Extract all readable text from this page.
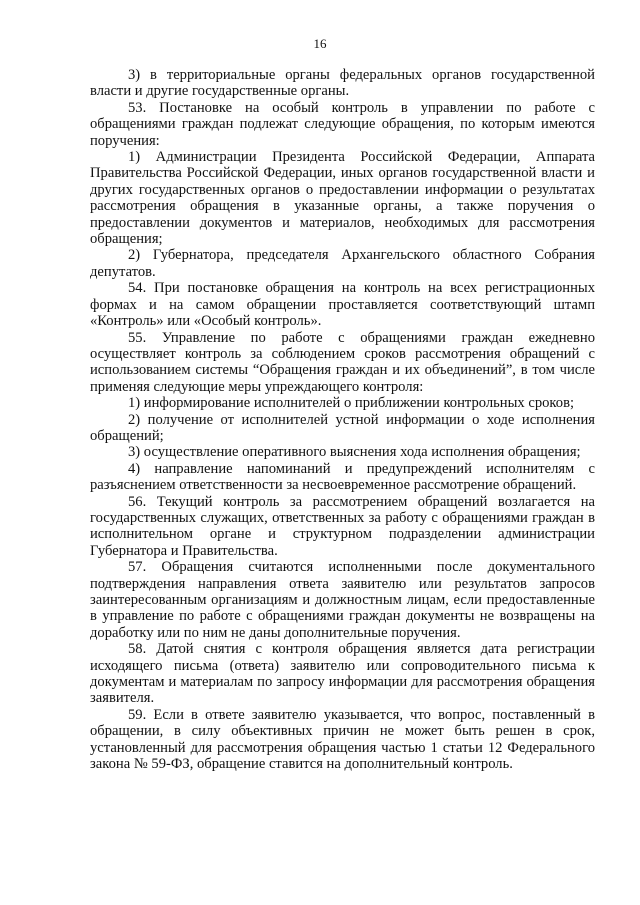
16

3) в территориальные органы федеральных органов государственной власти и другие государственные органы.

53. Постановке на особый контроль в управлении по работе с обращениями граждан подлежат следующие обращения, по которым имеются поручения:

1) Администрации Президента Российской Федерации, Аппарата Правительства Российской Федерации, иных органов государственной власти и других государственных органов о предоставлении информации о результатах рассмотрения обращения в указанные органы, а также поручения о предоставлении документов и материалов, необходимых для рассмотрения обращения;

2) Губернатора, председателя Архангельского областного Собрания депутатов.

54. При постановке обращения на контроль на всех регистрационных формах и на самом обращении проставляется соответствующий штамп «Контроль» или «Особый контроль».

55. Управление по работе с обращениями граждан ежедневно осуществляет контроль за соблюдением сроков рассмотрения обращений с использованием системы “Обращения граждан и их объединений”, в том числе применяя следующие меры упреждающего контроля:

1) информирование исполнителей о приближении контрольных сроков;

2) получение от исполнителей устной информации о ходе исполнения обращений;

3) осуществление оперативного выяснения хода исполнения обращения;

4) направление напоминаний и предупреждений исполнителям с разъяснением ответственности за несвоевременное рассмотрение обращений.

56. Текущий контроль за рассмотрением обращений возлагается на государственных служащих, ответственных за работу с обращениями граждан в исполнительном органе и структурном подразделении администрации Губернатора и Правительства.

57. Обращения считаются исполненными после документального подтверждения направления ответа заявителю или результатов запросов заинтересованным организациям и должностным лицам, если предоставленные в управление по работе с обращениями граждан документы не возвращены на доработку или по ним не даны дополнительные поручения.

58. Датой снятия с контроля обращения является дата регистрации исходящего письма (ответа) заявителю или сопроводительного письма к документам и материалам по запросу информации для рассмотрения обращения заявителя.

59. Если в ответе заявителю указывается, что вопрос, поставленный в обращении, в силу объективных причин не может быть решен в срок, установленный для рассмотрения обращения частью 1 статьи 12 Федерального закона № 59-ФЗ, обращение ставится на дополнительный контроль.
